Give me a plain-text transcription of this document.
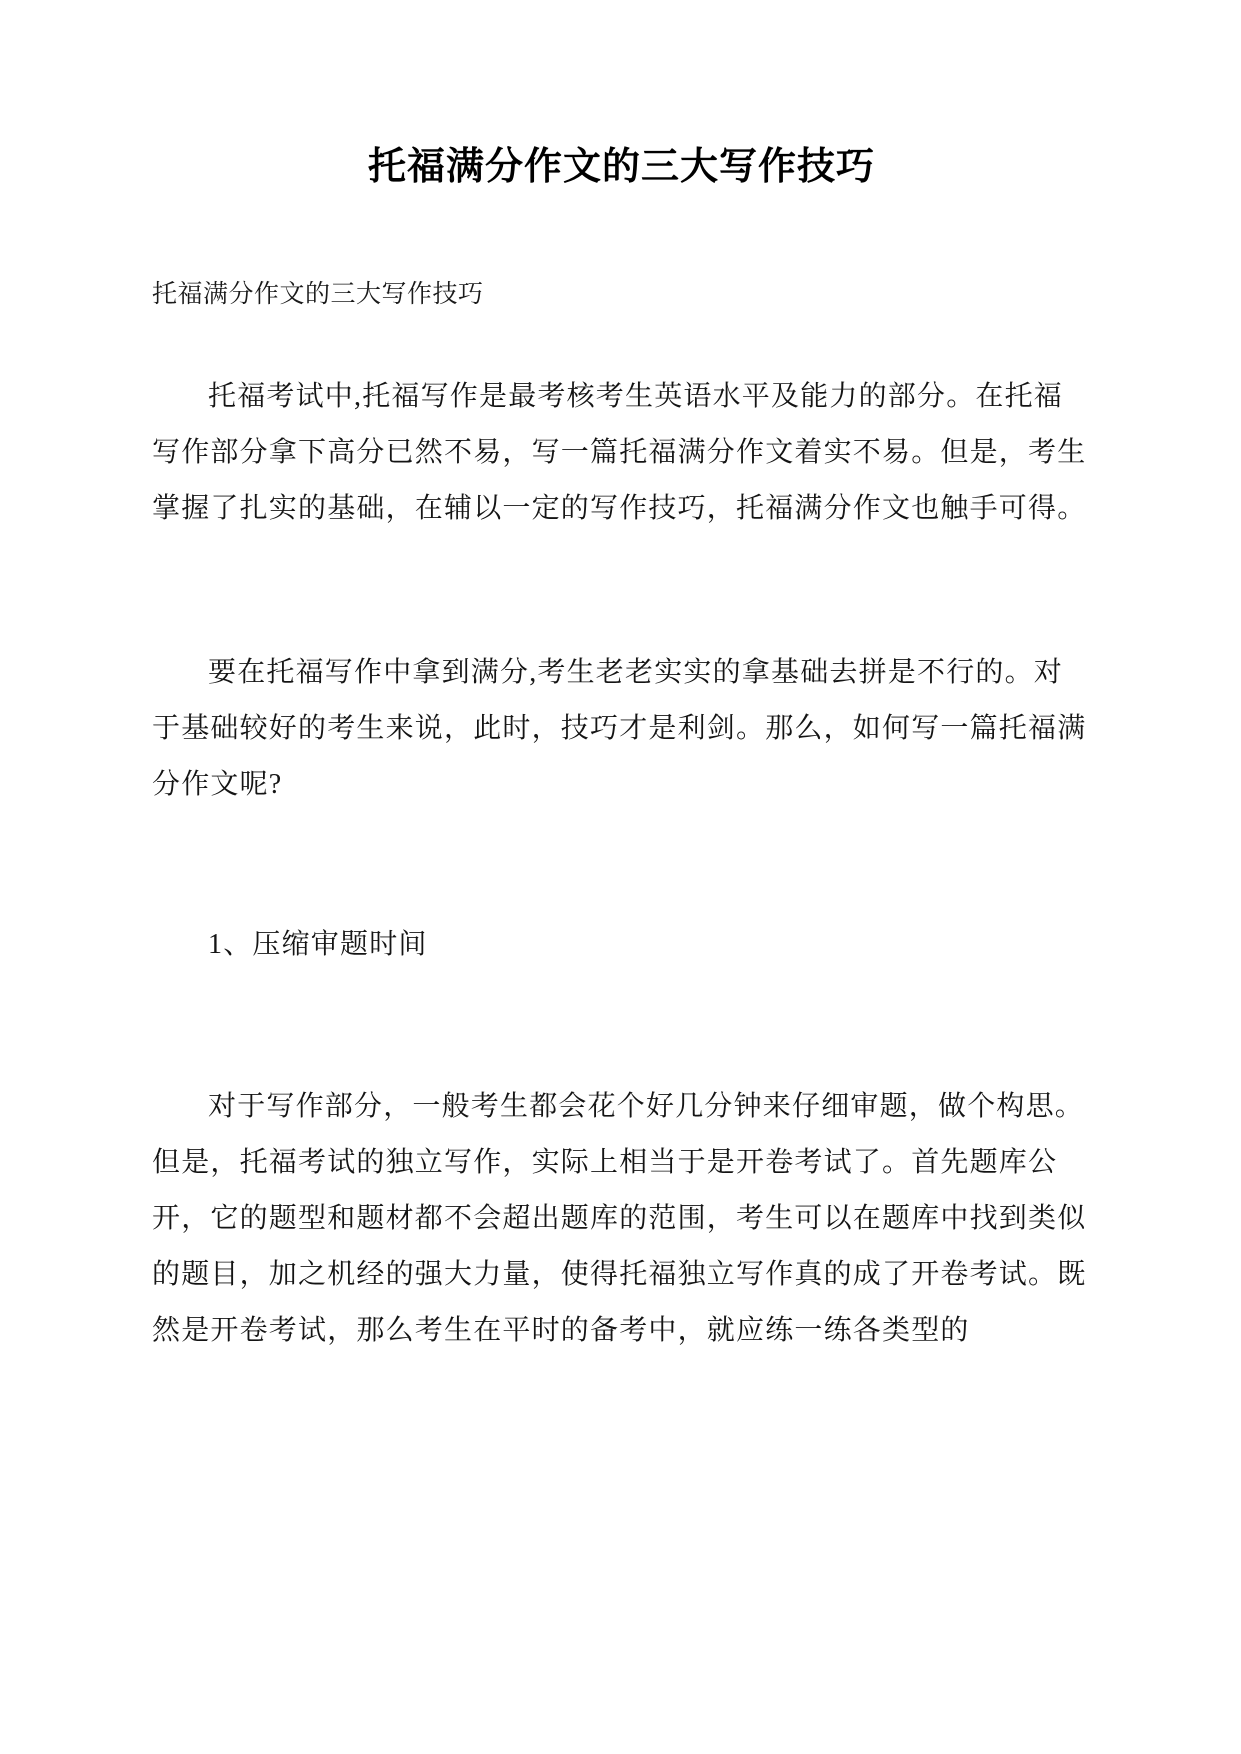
托福满分作文的三大写作技巧
托福满分作文的三大写作技巧

托福考试中,托福写作是最考核考生英语水平及能力的部分。在托福写作部分拿下高分已然不易，写一篇托福满分作文着实不易。但是，考生掌握了扎实的基础，在辅以一定的写作技巧，托福满分作文也触手可得。

要在托福写作中拿到满分,考生老老实实的拿基础去拼是不行的。对于基础较好的考生来说，此时，技巧才是利剑。那么，如何写一篇托福满分作文呢?

1、压缩审题时间

对于写作部分，一般考生都会花个好几分钟来仔细审题，做个构思。但是，托福考试的独立写作，实际上相当于是开卷考试了。首先题库公开，它的题型和题材都不会超出题库的范围，考生可以在题库中找到类似的题目，加之机经的强大力量，使得托福独立写作真的成了开卷考试。既然是开卷考试，那么考生在平时的备考中，就应练一练各类型的
